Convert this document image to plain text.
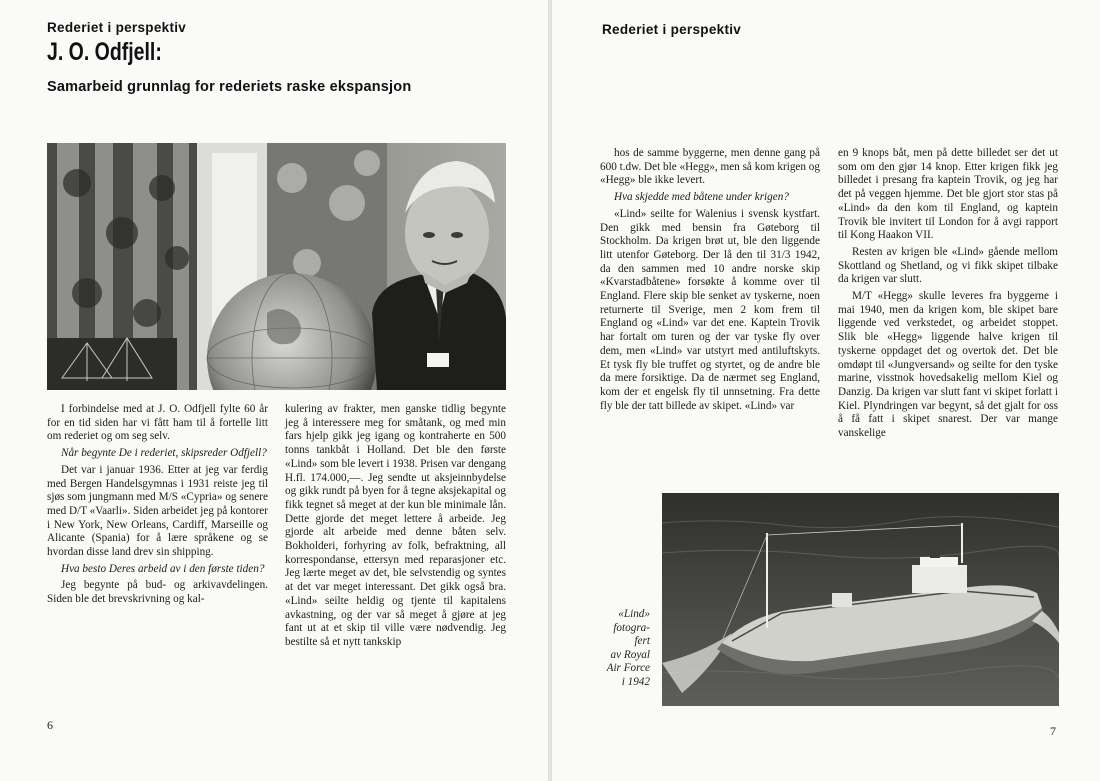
Rederiet i perspektiv
J. O. Odfjell:
Samarbeid grunnlag for rederiets raske ekspansjon

I forbindelse med at J. O. Odfjell fylte 60 år for en tid siden har vi fått ham til å fortelle litt om rederiet og om seg selv.

Når begynte De i rederiet, skipsreder Odfjell?

Det var i januar 1936. Etter at jeg var ferdig med Bergen Handelsgymnas i 1931 reiste jeg til sjøs som jungmann med M/S «Cypria» og senere med D/T «Vaarli». Siden arbeidet jeg på kontorer i New York, New Orleans, Cardiff, Marseille og Alicante (Spania) for å lære språkene og se hvordan disse land drev sin shipping.

Hva besto Deres arbeid av i den første tiden?

Jeg begynte på bud- og arkivavdelingen. Siden ble det brevskrivning og kal-

kulering av frakter, men ganske tidlig begynte jeg å interessere meg for småtank, og med min fars hjelp gikk jeg igang og kontraherte en 500 tonns tankbåt i Holland. Det ble den første «Lind» som ble levert i 1938. Prisen var dengang H.fl. 174.000,—. Jeg sendte ut aksjeinnbydelse og gikk rundt på byen for å tegne aksjekapital og fikk tegnet så meget at der kun ble minimale lån. Dette gjorde det meget lettere å arbeide. Jeg gjorde alt arbeide med denne båten selv. Bokholderi, forhyring av folk, befraktning, all korrespondanse, ettersyn med reparasjoner etc. Jeg lærte meget av det, ble selvstendig og syntes at det var meget interessant. Det gikk også bra. «Lind» seilte heldig og tjente til kapitalens avkastning, og der var så meget å gjøre at jeg fant ut at et skip til ville være nødvendig. Jeg bestilte så et nytt tankskip

6
Rederiet i perspektiv

hos de samme byggerne, men denne gang på 600 t.dw. Det ble «Hegg», men så kom krigen og «Hegg» ble ikke levert.

Hva skjedde med båtene under krigen?

«Lind» seilte for Walenius i svensk kystfart. Den gikk med bensin fra Gøteborg til Stockholm. Da krigen brøt ut, ble den liggende litt utenfor Gøteborg. Der lå den til 31/3 1942, da den sammen med 10 andre norske skip «Kvarstadbåtene» forsøkte å komme over til England. Flere skip ble senket av tyskerne, noen returnerte til Sverige, men 2 kom frem til England og «Lind» var det ene. Kaptein Trovik har fortalt om turen og der var tyske fly over dem, men «Lind» var utstyrt med antiluftskyts. Et tysk fly ble truffet og styrtet, og de andre ble da mere forsiktige. Da de nærmet seg England, kom der et engelsk fly til unnsetning. Fra dette fly ble der tatt billede av skipet. «Lind» var

en 9 knops båt, men på dette billedet ser det ut som om den gjør 14 knop. Etter krigen fikk jeg billedet i presang fra kaptein Trovik, og jeg har det på veggen hjemme. Det ble gjort stor stas på «Lind» da den kom til England, og kaptein Trovik ble invitert til London for å avgi rapport til Kong Haakon VII.

Resten av krigen ble «Lind» gående mellom Skottland og Shetland, og vi fikk skipet tilbake da krigen var slutt.

M/T «Hegg» skulle leveres fra byggerne i mai 1940, men da krigen kom, ble skipet bare liggende ved verkstedet, og arbeidet stoppet. Slik ble «Hegg» liggende halve krigen til tyskerne oppdaget det og overtok det. Det ble omdøpt til «Jungversand» og seilte for den tyske marine, visstnok hovedsakelig mellom Kiel og Danzig. Da krigen var slutt fant vi skipet forlatt i Kiel. Plyndringen var begynt, så det gjalt for oss å få fatt i skipet snarest. Der var mange vanskelige

«Lind»
fotogra-
fert
av Royal
Air Force
i 1942
7
